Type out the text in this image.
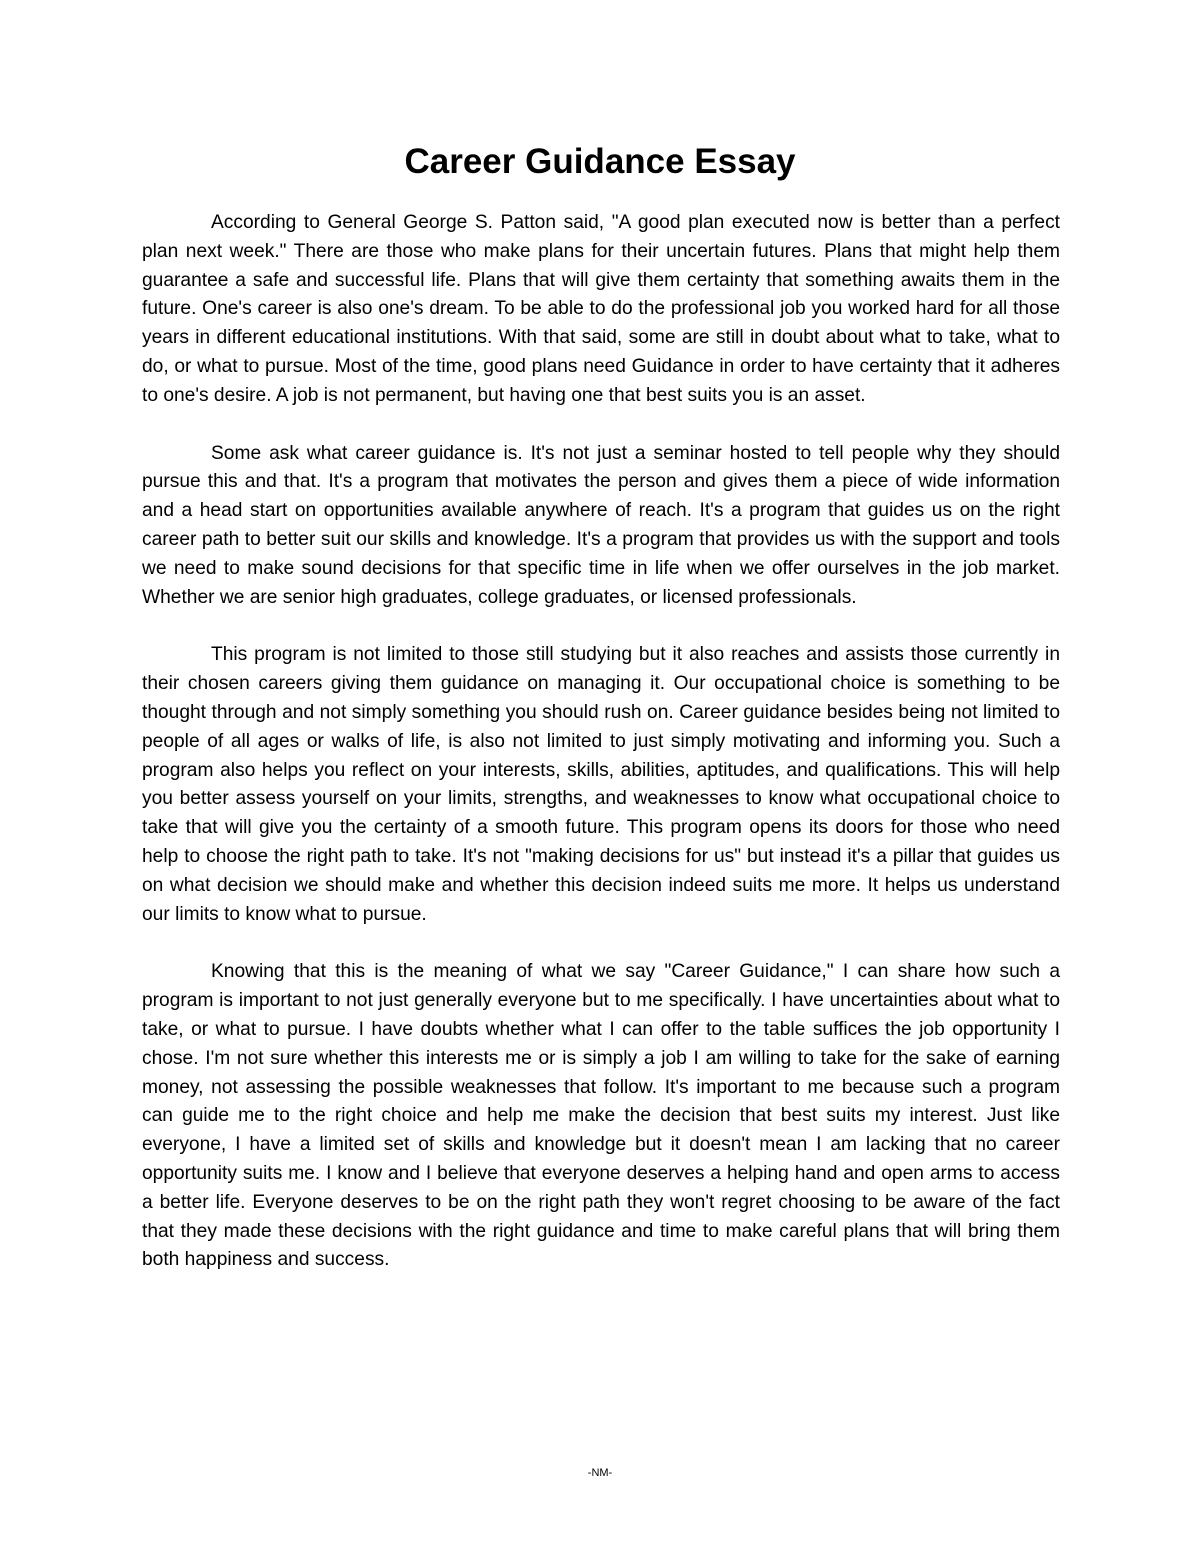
Career Guidance Essay

According to General George S. Patton said, "A good plan executed now is better than a perfect plan next week." There are those who make plans for their uncertain futures. Plans that might help them guarantee a safe and successful life. Plans that will give them certainty that something awaits them in the future. One's career is also one's dream. To be able to do the professional job you worked hard for all those years in different educational institutions. With that said, some are still in doubt about what to take, what to do, or what to pursue. Most of the time, good plans need Guidance in order to have certainty that it adheres to one's desire. A job is not permanent, but having one that best suits you is an asset.

Some ask what career guidance is. It's not just a seminar hosted to tell people why they should pursue this and that. It's a program that motivates the person and gives them a piece of wide information and a head start on opportunities available anywhere of reach. It's a program that guides us on the right career path to better suit our skills and knowledge. It's a program that provides us with the support and tools we need to make sound decisions for that specific time in life when we offer ourselves in the job market. Whether we are senior high graduates, college graduates, or licensed professionals.

This program is not limited to those still studying but it also reaches and assists those currently in their chosen careers giving them guidance on managing it. Our occupational choice is something to be thought through and not simply something you should rush on. Career guidance besides being not limited to people of all ages or walks of life, is also not limited to just simply motivating and informing you. Such a program also helps you reflect on your interests, skills, abilities, aptitudes, and qualifications. This will help you better assess yourself on your limits, strengths, and weaknesses to know what occupational choice to take that will give you the certainty of a smooth future. This program opens its doors for those who need help to choose the right path to take. It's not "making decisions for us" but instead it's a pillar that guides us on what decision we should make and whether this decision indeed suits me more. It helps us understand our limits to know what to pursue.

Knowing that this is the meaning of what we say "Career Guidance," I can share how such a program is important to not just generally everyone but to me specifically. I have uncertainties about what to take, or what to pursue. I have doubts whether what I can offer to the table suffices the job opportunity I chose. I'm not sure whether this interests me or is simply a job I am willing to take for the sake of earning money, not assessing the possible weaknesses that follow. It's important to me because such a program can guide me to the right choice and help me make the decision that best suits my interest. Just like everyone, I have a limited set of skills and knowledge but it doesn't mean I am lacking that no career opportunity suits me. I know and I believe that everyone deserves a helping hand and open arms to access a better life. Everyone deserves to be on the right path they won't regret choosing to be aware of the fact that they made these decisions with the right guidance and time to make careful plans that will bring them both happiness and success.

-NM-
